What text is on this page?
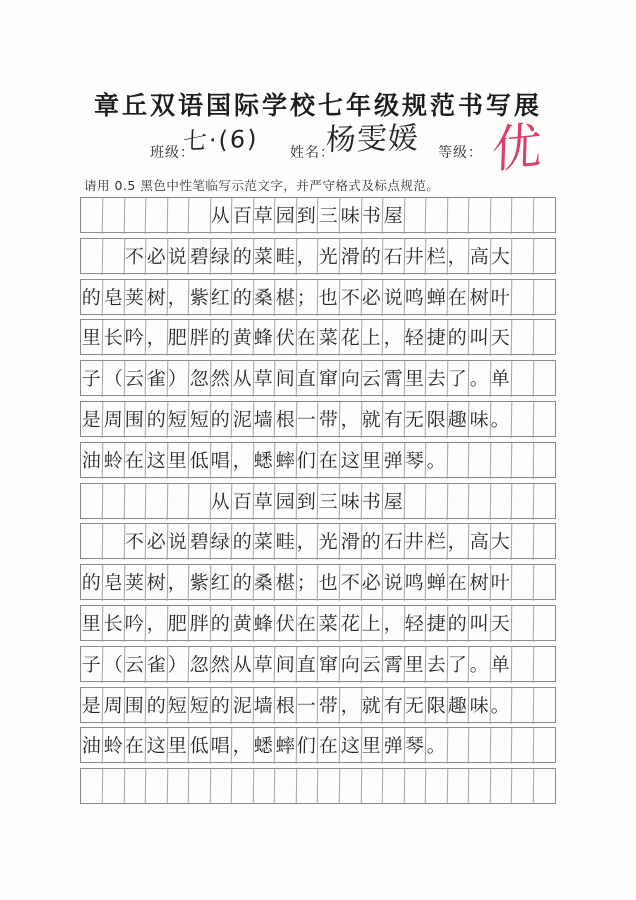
章丘双语国际学校七年级规范书写展
班级：
七·(6) 姓名：
杨雯媛 等级： 优
请用 0.5 黑色中性笔临写示范文字，并严守格式及标点规范。
从 百 草 园 到 三 味 书 屋
不 必 说 碧 绿 的 菜 畦 ， 光 滑 的 石 井 栏 ， 高 大
的 皂 荚 树 ， 紫 红 的 桑 椹 ； 也 不 必 说 鸣 蝉 在 树 叶
里 长 吟 ， 肥 胖 的 黄 蜂 伏 在 菜 花 上 ， 轻 捷 的 叫 天
子 （ 云 雀 ） 忽 然 从 草 间 直 窜 向 云 霄 里 去 了 。 单
是 周 围 的 短 短 的 泥 墙 根 一 带 ， 就 有 无 限 趣 味 。
油 蛉 在 这 里 低 唱 ， 蟋 蟀 们 在 这 里 弹 琴 。
从 百 草 园 到 三 味 书 屋
不 必 说 碧 绿 的 菜 畦 ， 光 滑 的 石 井 栏 ， 高 大
的 皂 荚 树 ， 紫 红 的 桑 椹 ； 也 不 必 说 鸣 蝉 在 树 叶
里 长 吟 ， 肥 胖 的 黄 蜂 伏 在 菜 花 上 ， 轻 捷 的 叫 天
子 （ 云 雀 ） 忽 然 从 草 间 直 窜 向 云 霄 里 去 了 。 单
是 周 围 的 短 短 的 泥 墙 根 一 带 ， 就 有 无 限 趣 味 。
油 蛉 在 这 里 低 唱 ， 蟋 蟀 们 在 这 里 弹 琴 。
